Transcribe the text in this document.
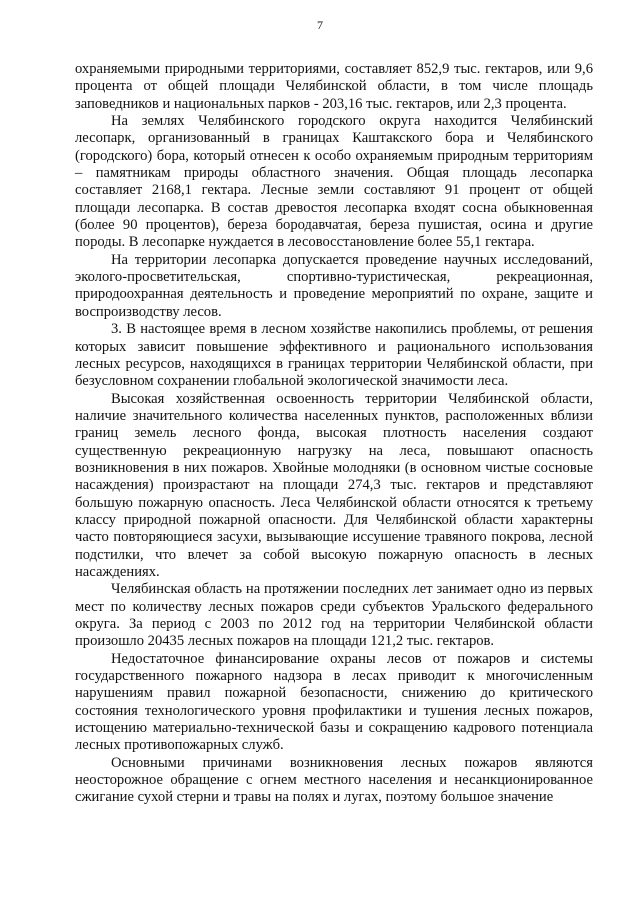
7

охраняемыми природными территориями, составляет 852,9 тыс. гектаров, или 9,6 процента от общей площади Челябинской области, в том числе площадь заповедников и национальных парков - 203,16 тыс. гектаров, или 2,3 процента.

На землях Челябинского городского округа находится Челябинский лесопарк, организованный в границах Каштакского бора и Челябинского (городского) бора, который отнесен к особо охраняемым природным территориям – памятникам природы областного значения. Общая площадь лесопарка составляет 2168,1 гектара. Лесные земли составляют 91 процент от общей площади лесопарка. В состав древостоя лесопарка входят сосна обыкновенная (более 90 процентов), береза бородавчатая, береза пушистая, осина и другие породы. В лесопарке нуждается в лесовосстановление более 55,1 гектара.

На территории лесопарка допускается проведение научных исследований, эколого-просветительская, спортивно-туристическая, рекреационная, природоохранная деятельность и проведение мероприятий по охране, защите и воспроизводству лесов.

3. В настоящее время в лесном хозяйстве накопились проблемы, от решения которых зависит повышение эффективного и рационального использования лесных ресурсов, находящихся в границах территории Челябинской области, при безусловном сохранении глобальной экологической значимости леса.

Высокая хозяйственная освоенность территории Челябинской области, наличие значительного количества населенных пунктов, расположенных вблизи границ земель лесного фонда, высокая плотность населения создают существенную рекреационную нагрузку на леса, повышают опасность возникновения в них пожаров. Хвойные молодняки (в основном чистые сосновые насаждения) произрастают на площади 274,3 тыс. гектаров и представляют большую пожарную опасность. Леса Челябинской области относятся к третьему классу природной пожарной опасности. Для Челябинской области характерны часто повторяющиеся засухи, вызывающие иссушение травяного покрова, лесной подстилки, что влечет за собой высокую пожарную опасность в лесных насаждениях.

Челябинская область на протяжении последних лет занимает одно из первых мест по количеству лесных пожаров среди субъектов Уральского федерального округа. За период с 2003 по 2012 год на территории Челябинской области произошло 20435 лесных пожаров на площади 121,2 тыс. гектаров.

Недостаточное финансирование охраны лесов от пожаров и системы государственного пожарного надзора в лесах приводит к многочисленным нарушениям правил пожарной безопасности, снижению до критического состояния технологического уровня профилактики и тушения лесных пожаров, истощению материально-технической базы и сокращению кадрового потенциала лесных противопожарных служб.

Основными причинами возникновения лесных пожаров являются неосторожное обращение с огнем местного населения и несанкционированное сжигание сухой стерни и травы на полях и лугах, поэтому большое значение
